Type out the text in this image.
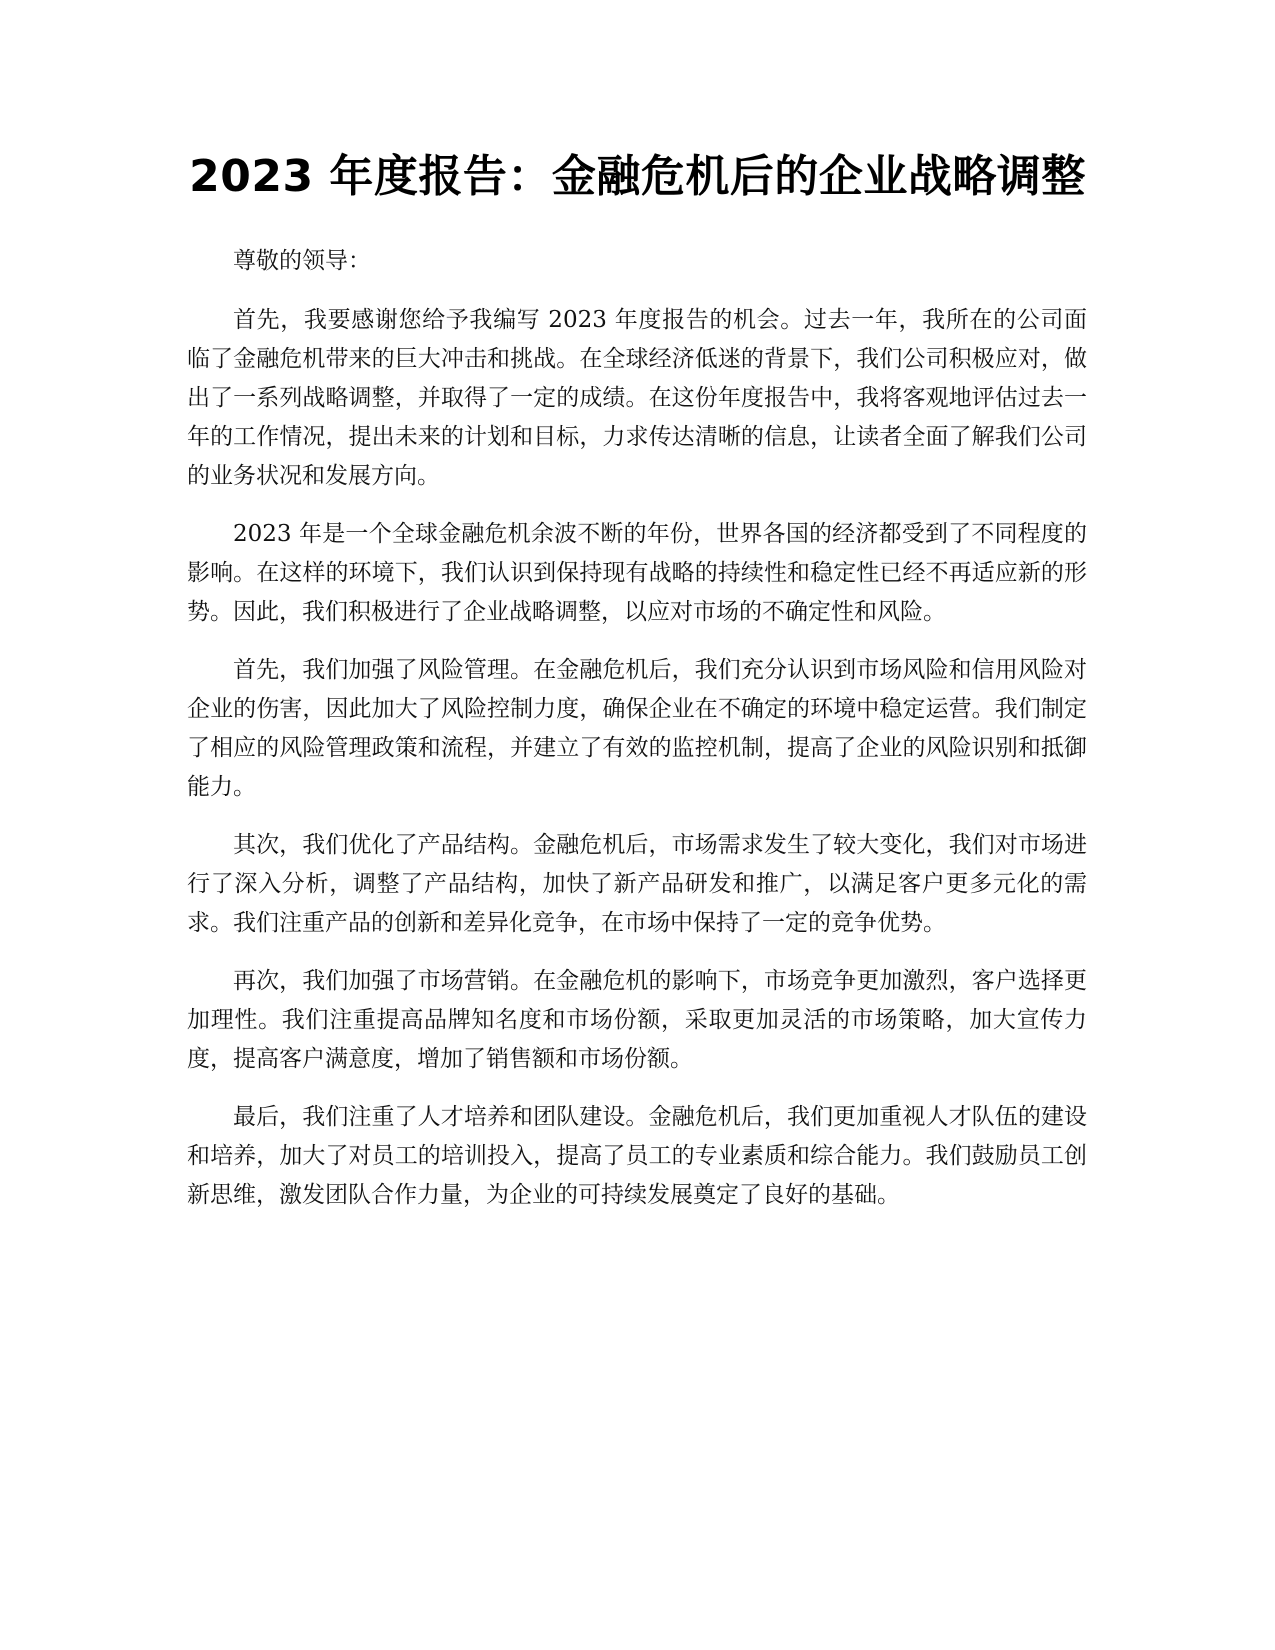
2023 年度报告：金融危机后的企业战略调整

尊敬的领导：

首先，我要感谢您给予我编写 2023 年度报告的机会。过去一年，我所在的公司面临了金融危机带来的巨大冲击和挑战。在全球经济低迷的背景下，我们公司积极应对，做出了一系列战略调整，并取得了一定的成绩。在这份年度报告中，我将客观地评估过去一年的工作情况，提出未来的计划和目标，力求传达清晰的信息，让读者全面了解我们公司的业务状况和发展方向。

2023 年是一个全球金融危机余波不断的年份，世界各国的经济都受到了不同程度的影响。在这样的环境下，我们认识到保持现有战略的持续性和稳定性已经不再适应新的形势。因此，我们积极进行了企业战略调整，以应对市场的不确定性和风险。

首先，我们加强了风险管理。在金融危机后，我们充分认识到市场风险和信用风险对企业的伤害，因此加大了风险控制力度，确保企业在不确定的环境中稳定运营。我们制定了相应的风险管理政策和流程，并建立了有效的监控机制，提高了企业的风险识别和抵御能力。

其次，我们优化了产品结构。金融危机后，市场需求发生了较大变化，我们对市场进行了深入分析，调整了产品结构，加快了新产品研发和推广，以满足客户更多元化的需求。我们注重产品的创新和差异化竞争，在市场中保持了一定的竞争优势。

再次，我们加强了市场营销。在金融危机的影响下，市场竞争更加激烈，客户选择更加理性。我们注重提高品牌知名度和市场份额，采取更加灵活的市场策略，加大宣传力度，提高客户满意度，增加了销售额和市场份额。

最后，我们注重了人才培养和团队建设。金融危机后，我们更加重视人才队伍的建设和培养，加大了对员工的培训投入，提高了员工的专业素质和综合能力。我们鼓励员工创新思维，激发团队合作力量，为企业的可持续发展奠定了良好的基础。
